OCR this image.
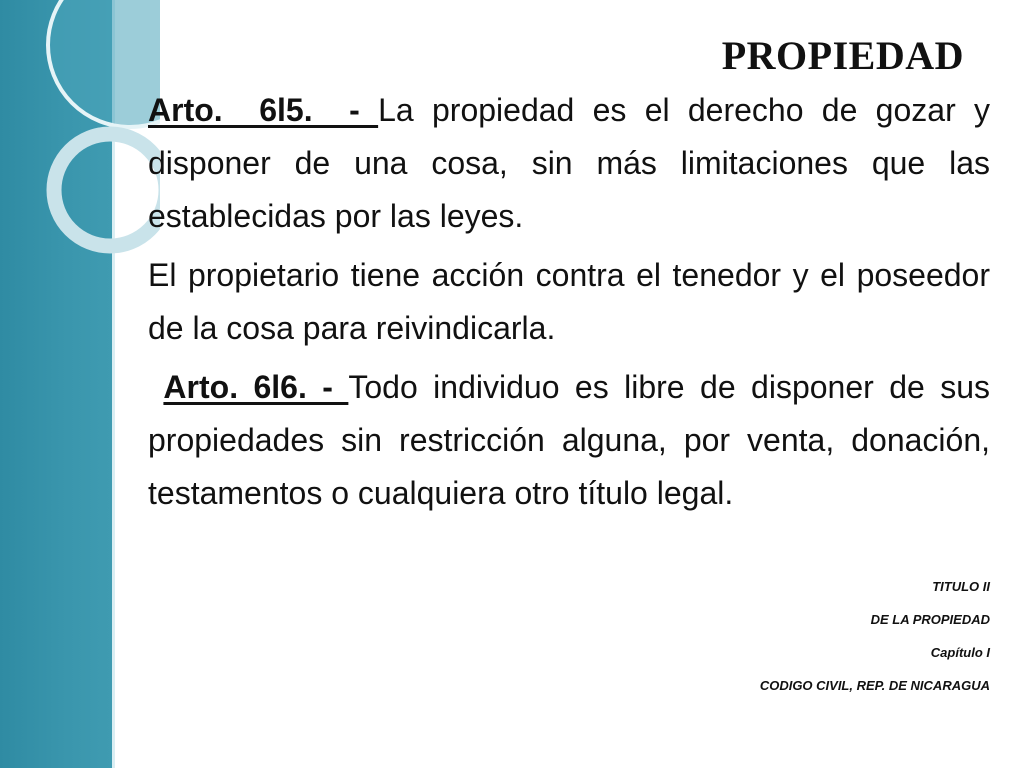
PROPIEDAD

Arto.  6l5.  - La propiedad es el derecho de gozar y disponer de una cosa, sin más limitaciones que las establecidas por las leyes.

El propietario tiene acción contra el tenedor y el poseedor de la cosa para reivindicarla.

Arto. 6l6. - Todo individuo es libre de disponer de sus propiedades sin restricción alguna, por venta, donación, testamentos o cualquiera otro título legal.

TITULO II
DE LA PROPIEDAD
Capítulo I
CODIGO CIVIL, REP. DE NICARAGUA
